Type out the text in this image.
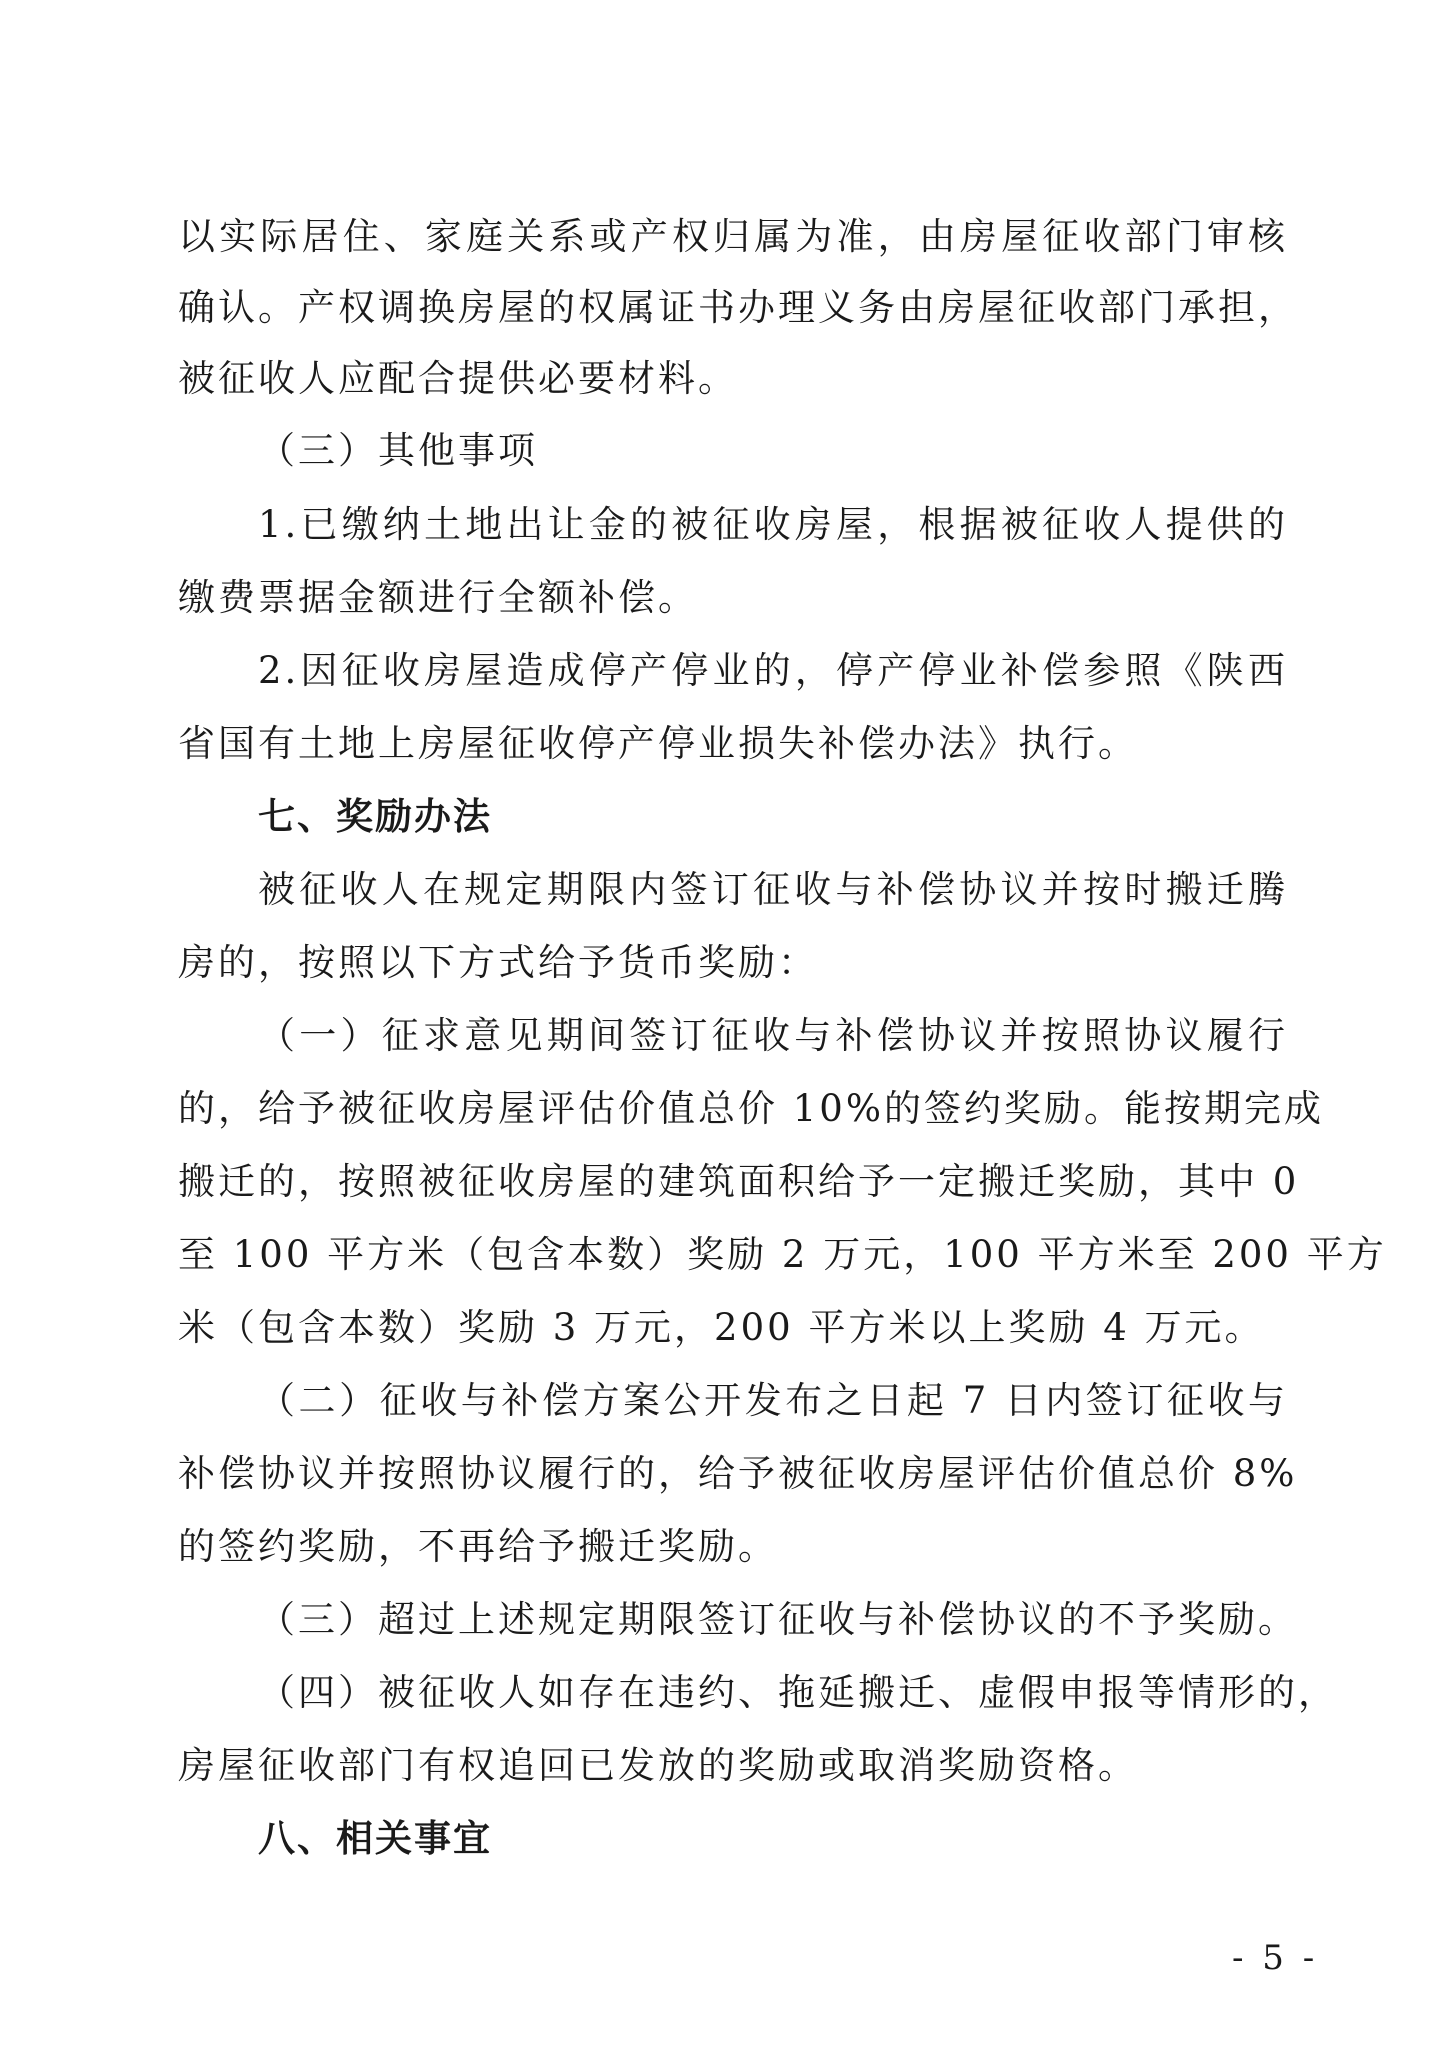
以实际居住、家庭关系或产权归属为准，由房屋征收部门审核
确认。产权调换房屋的权属证书办理义务由房屋征收部门承担，
被征收人应配合提供必要材料。
（三）其他事项
1.已缴纳土地出让金的被征收房屋，根据被征收人提供的
缴费票据金额进行全额补偿。
2.因征收房屋造成停产停业的，停产停业补偿参照《陕西
省国有土地上房屋征收停产停业损失补偿办法》执行。
七、奖励办法
被征收人在规定期限内签订征收与补偿协议并按时搬迁腾
房的，按照以下方式给予货币奖励：
（一）征求意见期间签订征收与补偿协议并按照协议履行
的，给予被征收房屋评估价值总价 10%的签约奖励。能按期完成
搬迁的，按照被征收房屋的建筑面积给予一定搬迁奖励，其中 0
至 100 平方米（包含本数）奖励 2 万元，100 平方米至 200 平方
米（包含本数）奖励 3 万元，200 平方米以上奖励 4 万元。
（二）征收与补偿方案公开发布之日起 7 日内签订征收与
补偿协议并按照协议履行的，给予被征收房屋评估价值总价 8%
的签约奖励，不再给予搬迁奖励。
（三）超过上述规定期限签订征收与补偿协议的不予奖励。
（四）被征收人如存在违约、拖延搬迁、虚假申报等情形的，
房屋征收部门有权追回已发放的奖励或取消奖励资格。
八、相关事宜
- 5 -
